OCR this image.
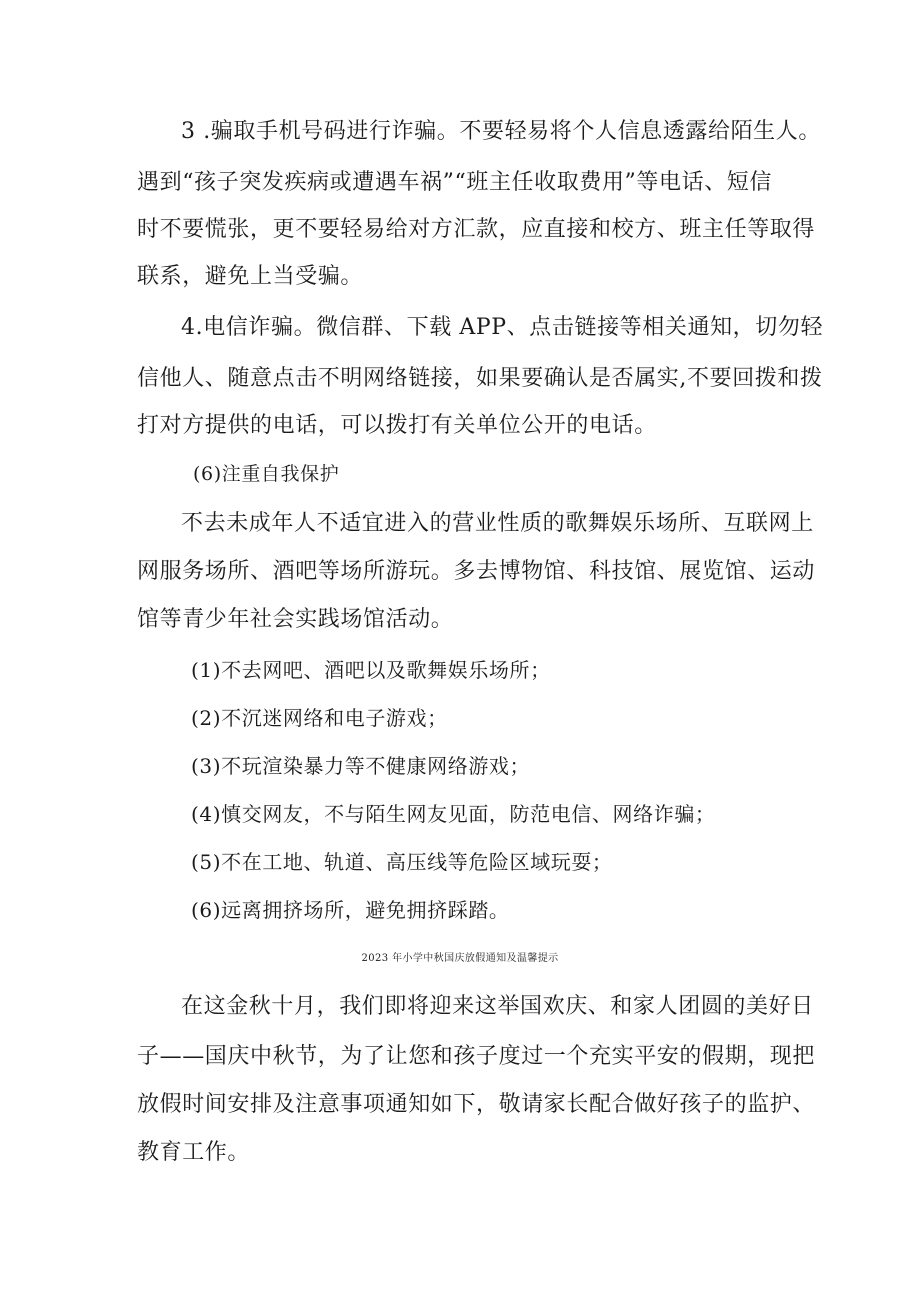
3 .骗取手机号码进行诈骗。不要轻易将个人信息透露给陌生人。
遇到“孩子突发疾病或遭遇车祸”“班主任收取费用”等电话、短信
时不要慌张，更不要轻易给对方汇款，应直接和校方、班主任等取得
联系，避免上当受骗。
4.电信诈骗。微信群、下载 APP、点击链接等相关通知，切勿轻
信他人、随意点击不明网络链接，如果要确认是否属实,不要回拨和拨
打对方提供的电话，可以拨打有关单位公开的电话。
(6)注重自我保护
不去未成年人不适宜进入的营业性质的歌舞娱乐场所、互联网上
网服务场所、酒吧等场所游玩。多去博物馆、科技馆、展览馆、运动
馆等青少年社会实践场馆活动。
(1)不去网吧、酒吧以及歌舞娱乐场所；
(2)不沉迷网络和电子游戏；
(3)不玩渲染暴力等不健康网络游戏；
(4)慎交网友，不与陌生网友见面，防范电信、网络诈骗；
(5)不在工地、轨道、高压线等危险区域玩耍；
(6)远离拥挤场所，避免拥挤踩踏。
2023 年小学中秋国庆放假通知及温馨提示
在这金秋十月，我们即将迎来这举国欢庆、和家人团圆的美好日
子——国庆中秋节，为了让您和孩子度过一个充实平安的假期，现把
放假时间安排及注意事项通知如下，敬请家长配合做好孩子的监护、
教育工作。
